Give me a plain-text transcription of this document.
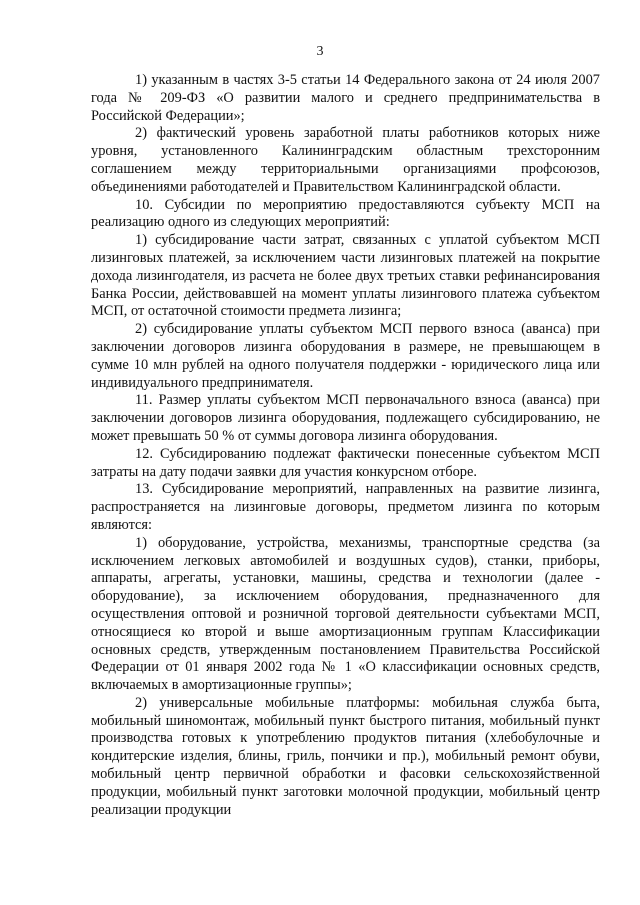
3

1) указанным в частях 3-5 статьи 14 Федерального закона от 24 июля 2007 года № 209-ФЗ «О развитии малого и среднего предпринимательства в Российской Федерации»;

2) фактический уровень заработной платы работников которых ниже уровня, установленного Калининградским областным трехсторонним соглашением между территориальными организациями профсоюзов, объединениями работодателей и Правительством Калининградской области.

10. Субсидии по мероприятию предоставляются субъекту МСП на реализацию одного из следующих мероприятий:

1) субсидирование части затрат, связанных с уплатой субъектом МСП лизинговых платежей, за исключением части лизинговых платежей на покрытие дохода лизингодателя, из расчета не более двух третьих ставки рефинансирования Банка России, действовавшей на момент уплаты лизингового платежа субъектом МСП, от остаточной стоимости предмета лизинга;

2) субсидирование уплаты субъектом МСП первого взноса (аванса) при заключении договоров лизинга оборудования в размере, не превышающем в сумме 10 млн рублей на одного получателя поддержки - юридического лица или индивидуального предпринимателя.

11. Размер уплаты субъектом МСП первоначального взноса (аванса) при заключении договоров лизинга оборудования, подлежащего субсидированию, не может превышать 50 % от суммы договора лизинга оборудования.

12. Субсидированию подлежат фактически понесенные субъектом МСП затраты на дату подачи заявки для участия конкурсном отборе.

13. Субсидирование мероприятий, направленных на развитие лизинга, распространяется на лизинговые договоры, предметом лизинга по которым являются:

1) оборудование, устройства, механизмы, транспортные средства (за исключением легковых автомобилей и воздушных судов), станки, приборы, аппараты, агрегаты, установки, машины, средства и технологии (далее - оборудование), за исключением оборудования, предназначенного для осуществления оптовой и розничной торговой деятельности субъектами МСП, относящиеся ко второй и выше амортизационным группам Классификации основных средств, утвержденным постановлением Правительства Российской Федерации от 01 января 2002 года № 1 «О классификации основных средств, включаемых в амортизационные группы»;

2) универсальные мобильные платформы: мобильная служба быта, мобильный шиномонтаж, мобильный пункт быстрого питания, мобильный пункт производства готовых к употреблению продуктов питания (хлебобулочные и кондитерские изделия, блины, гриль, пончики и пр.), мобильный ремонт обуви, мобильный центр первичной обработки и фасовки сельскохозяйственной продукции, мобильный пункт заготовки молочной продукции, мобильный центр реализации продукции
